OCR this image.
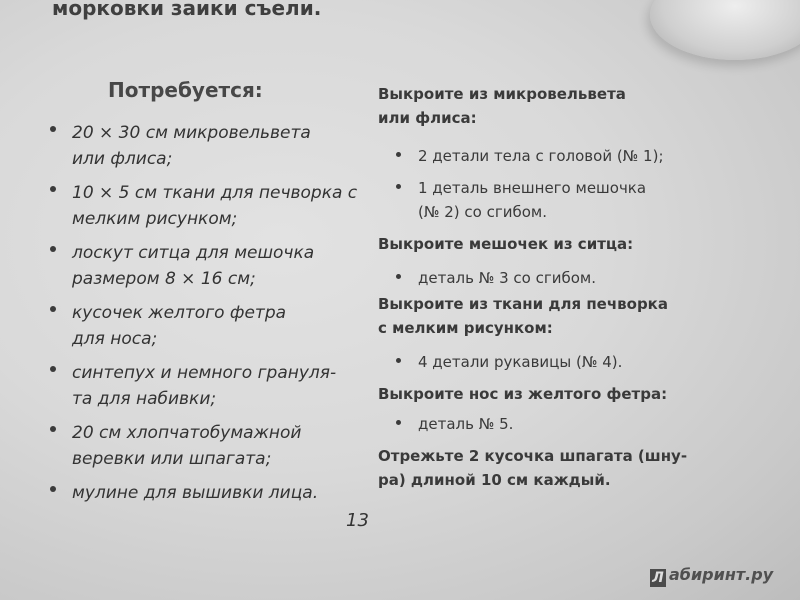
морковки заики съели.
Потребуется:
20 × 30 см микровельвета
или флиса;
10 × 5 см ткани для печворка с
мелким рисунком;
лоскут ситца для мешочка
размером 8 × 16 см;
кусочек желтого фетра
для носа;
синтепух и немного грануля-
та для набивки;
20 см хлопчатобумажной
веревки или шпагата;
мулине для вышивки лица.
Выкроите из микровельвета
или флиса:
2 детали тела с головой (№ 1);
1 деталь внешнего мешочка
(№ 2) со сгибом.
Выкроите мешочек из ситца:
деталь № 3 со сгибом.
Выкроите из ткани для печворка
с мелким рисунком:
4 детали рукавицы (№ 4).
Выкроите нос из желтого фетра:
деталь № 5.
Отрежьте 2 кусочка шпагата (шну-
ра) длиной 10 см каждый.
13
Л абиринт.ру
